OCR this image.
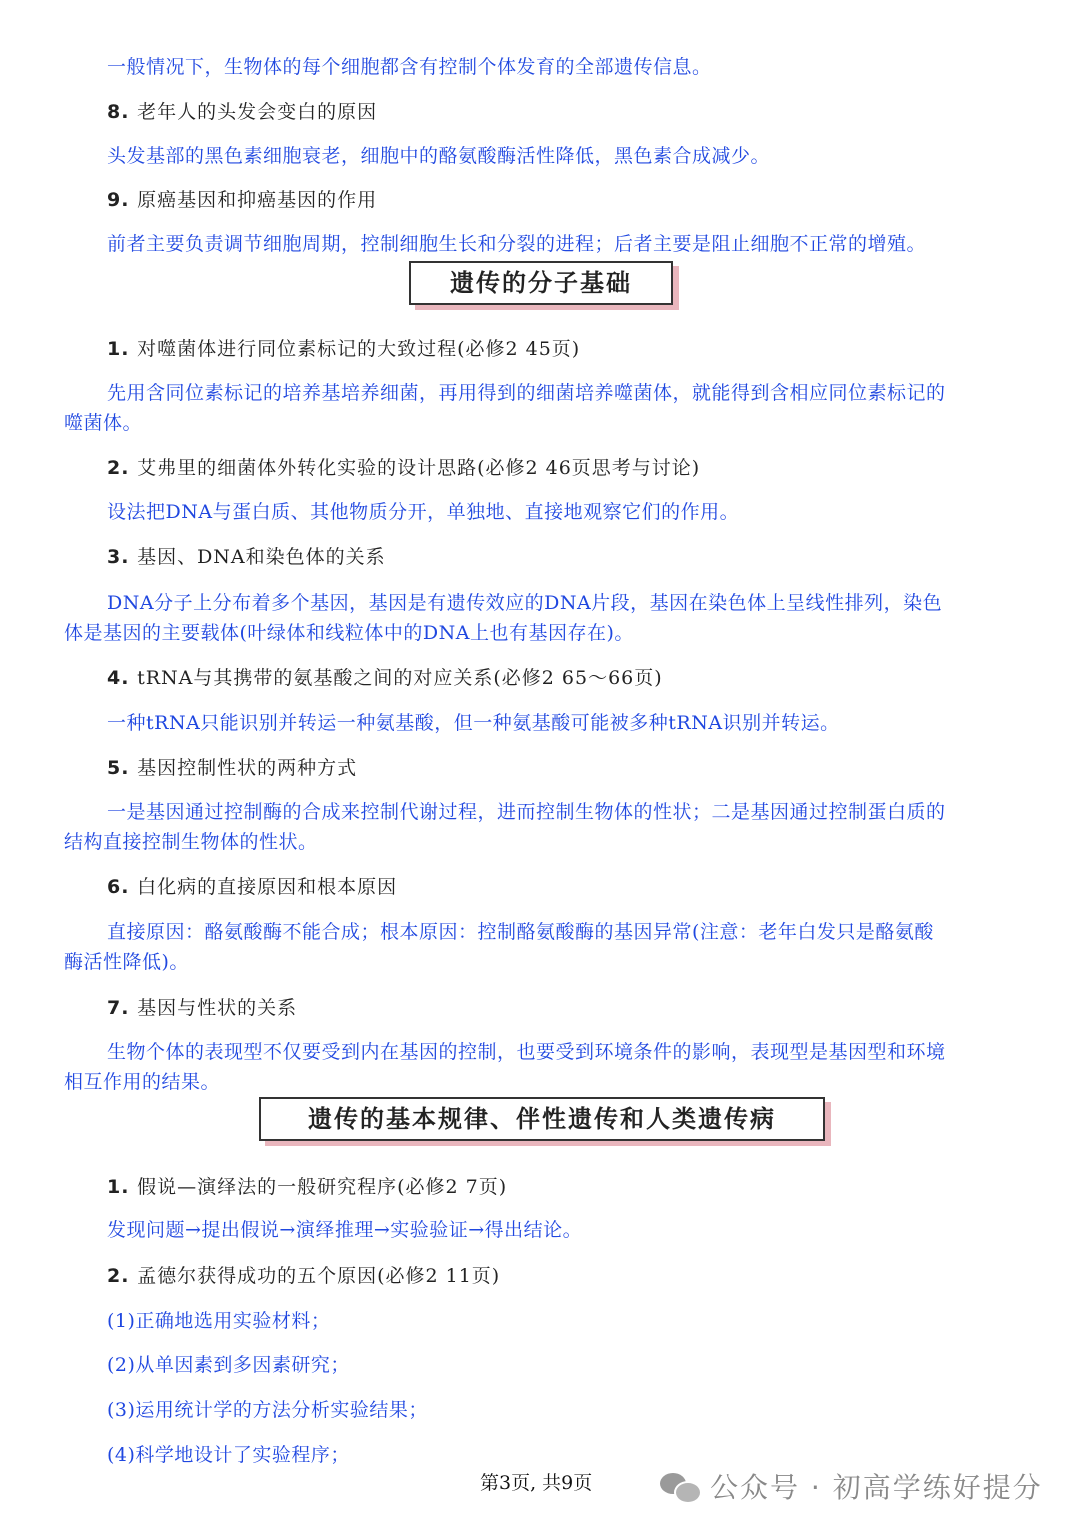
一般情况下，生物体的每个细胞都含有控制个体发育的全部遗传信息。
8. 老年人的头发会变白的原因
头发基部的黑色素细胞衰老，细胞中的酪氨酸酶活性降低，黑色素合成减少。
9. 原癌基因和抑癌基因的作用
前者主要负责调节细胞周期，控制细胞生长和分裂的进程；后者主要是阻止细胞不正常的增殖。
1. 对噬菌体进行同位素标记的大致过程(必修2 45页)
先用含同位素标记的培养基培养细菌，再用得到的细菌培养噬菌体，就能得到含相应同位素标记的
噬菌体。
2. 艾弗里的细菌体外转化实验的设计思路(必修2 46页思考与讨论)
设法把DNA与蛋白质、其他物质分开，单独地、直接地观察它们的作用。
3. 基因、DNA和染色体的关系
DNA分子上分布着多个基因，基因是有遗传效应的DNA片段，基因在染色体上呈线性排列，染色
体是基因的主要载体(叶绿体和线粒体中的DNA上也有基因存在)。
4. tRNA与其携带的氨基酸之间的对应关系(必修2 65～66页)
一种tRNA只能识别并转运一种氨基酸，但一种氨基酸可能被多种tRNA识别并转运。
5. 基因控制性状的两种方式
一是基因通过控制酶的合成来控制代谢过程，进而控制生物体的性状；二是基因通过控制蛋白质的
结构直接控制生物体的性状。
6. 白化病的直接原因和根本原因
直接原因：酪氨酸酶不能合成；根本原因：控制酪氨酸酶的基因异常(注意：老年白发只是酪氨酸
酶活性降低)。
7. 基因与性状的关系
生物个体的表现型不仅要受到内在基因的控制，也要受到环境条件的影响，表现型是基因型和环境
相互作用的结果。
1. 假说—演绎法的一般研究程序(必修2 7页)
发现问题→提出假说→演绎推理→实验验证→得出结论。
2. 孟德尔获得成功的五个原因(必修2 11页)
(1)正确地选用实验材料；
(2)从单因素到多因素研究；
(3)运用统计学的方法分析实验结果；
(4)科学地设计了实验程序；
遗传的分子基础
遗传的基本规律、伴性遗传和人类遗传病
第3页, 共9页	公众号 · 初高学练好提分
